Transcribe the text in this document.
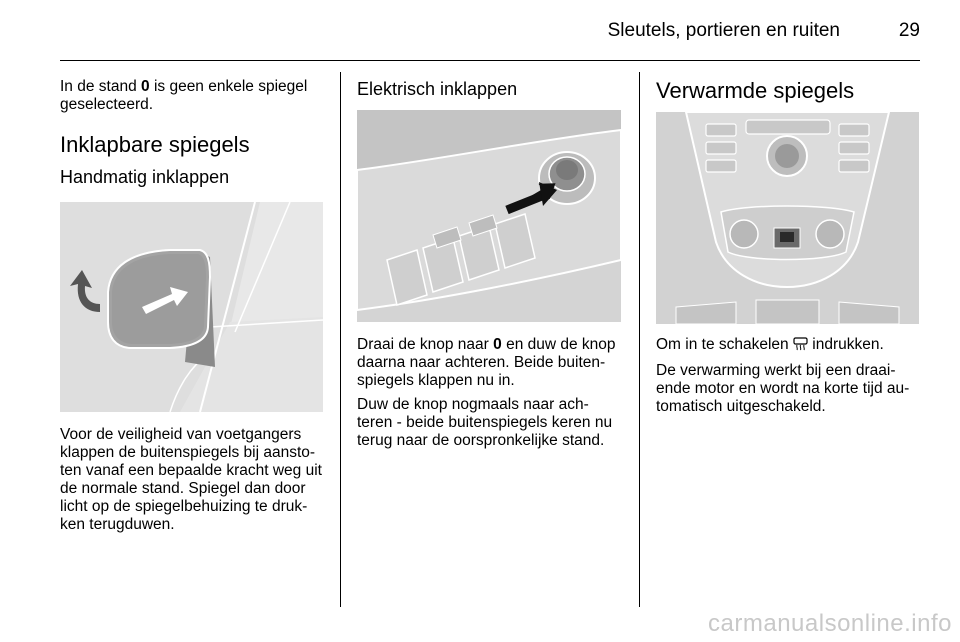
Sleutels, portieren en ruiten	29

In de stand 0 is geen enkele spiegel geselecteerd.

Inklapbare spiegels
Handmatig inklappen

Voor de veiligheid van voetgangers klappen de buitenspiegels bij aansto-ten vanaf een bepaalde kracht weg uit de normale stand. Spiegel dan door licht op de spiegelbehuizing te druk-ken terugduwen.

Elektrisch inklappen

Draai de knop naar 0 en duw de knop daarna naar achteren. Beide buiten-spiegels klappen nu in.

Duw de knop nogmaals naar ach-teren - beide buitenspiegels keren nu terug naar de oorspronkelijke stand.

Verwarmde spiegels

Om in te schakelen  indrukken.

De verwarming werkt bij een draai-ende motor en wordt na korte tijd au-tomatisch uitgeschakeld.

carmanualsonline.info
